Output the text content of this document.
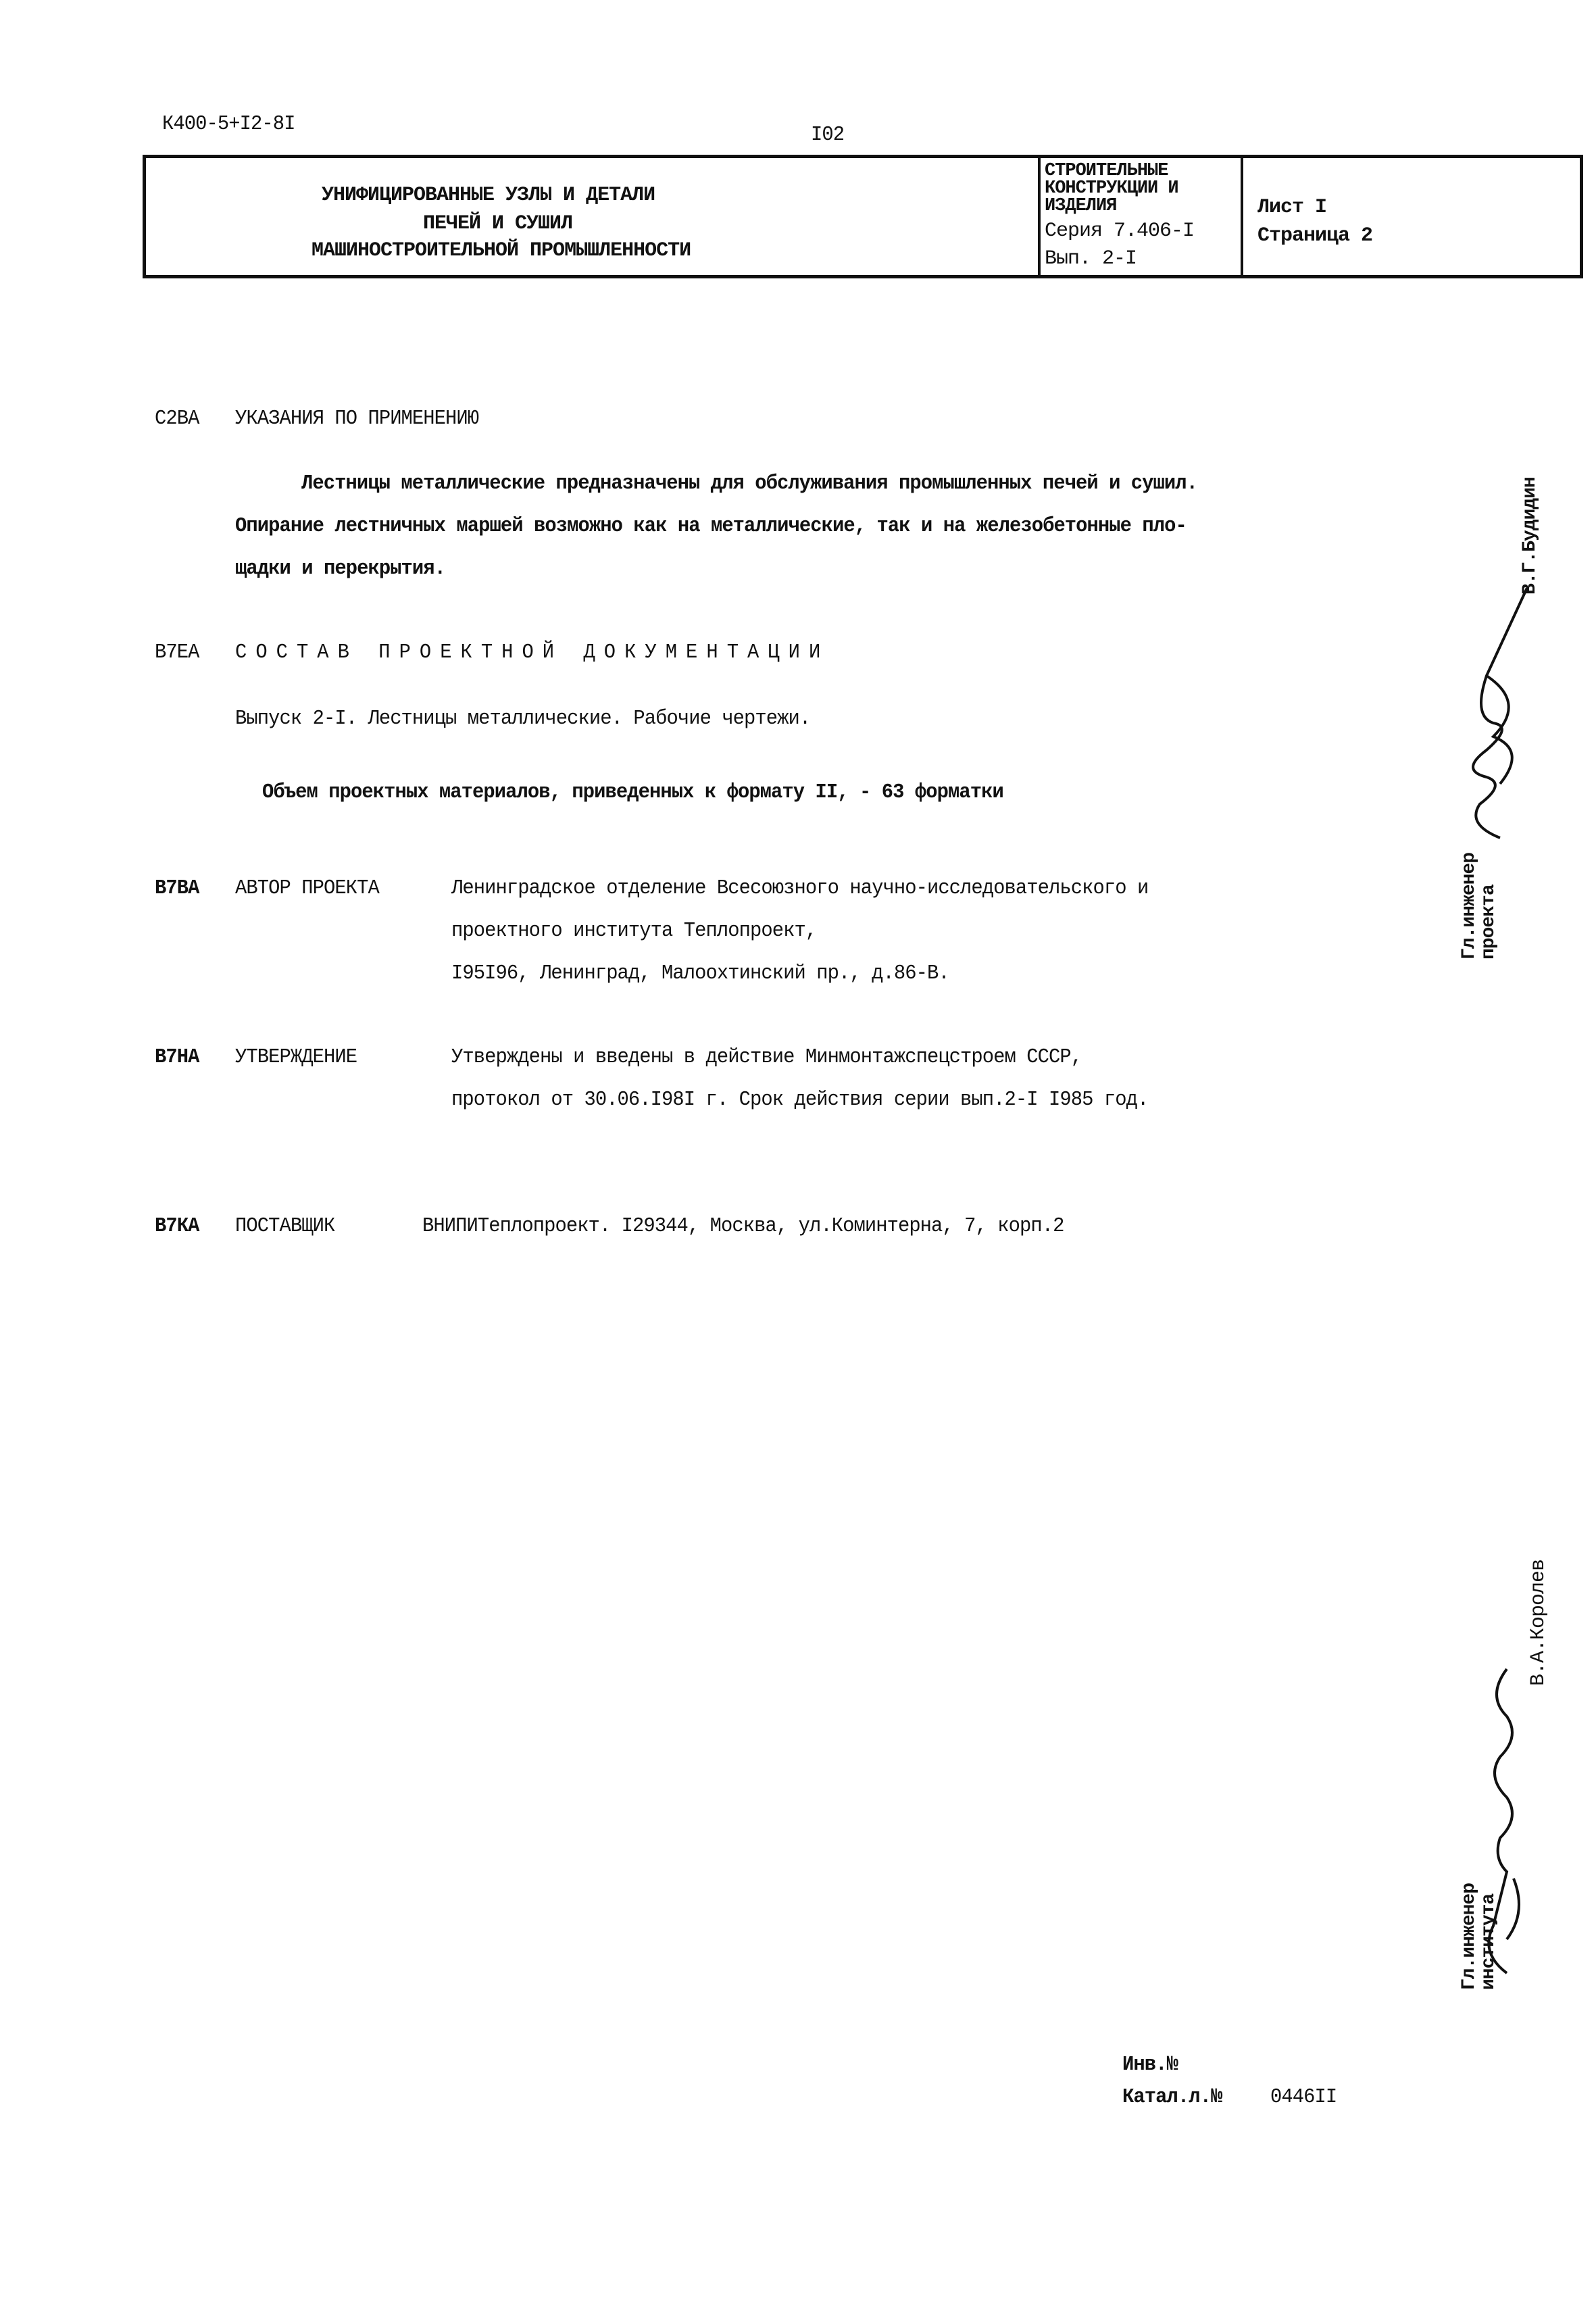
К400-5+I2-8I	I02
УНИФИЦИРОВАННЫЕ УЗЛЫ И ДЕТАЛИ
ПЕЧЕЙ И СУШИЛ
МАШИНОСТРОИТЕЛЬНОЙ ПРОМЫШЛЕННОСТИ
СТРОИТЕЛЬНЫЕ
КОНСТРУКЦИИ И
ИЗДЕЛИЯ
Серия 7.406-I
Вып. 2-I
Лист I
Страница 2
С2ВА УКАЗАНИЯ ПО ПРИМЕНЕНИЮ
Лестницы металлические предназначены для обслуживания промышленных печей и сушил.
Опирание лестничных маршей возможно как на металлические, так и на железобетонные пло-
щадки и перекрытия.
В7ЕА СОСТАВ ПРОЕКТНОЙ ДОКУМЕНТАЦИИ
Выпуск 2-I. Лестницы металлические. Рабочие чертежи.
Объем проектных материалов, приведенных к формату II, - 63 форматки
В7ВА АВТОР ПРОЕКТА	Ленинградское отделение Всесоюзного научно-исследовательского и
проектного института Теплопроект,
I95I96, Ленинград, Малоохтинский пр., д.86-В.
В7НА УТВЕРЖДЕНИЕ	Утверждены и введены в действие Минмонтажспецстроем СССР,
протокол от 30.06.I98I г. Срок действия серии вып.2-I I985 год.
В7КА ПОСТАВЩИК	ВНИПИТеплопроект. I29344, Москва, ул.Коминтерна, 7, корп.2
Гл.инженер
проекта
В.Г.Будидин
Гл.инженер
института
В.А.Королев
Инв.№
Катал.л.№ 0446II
